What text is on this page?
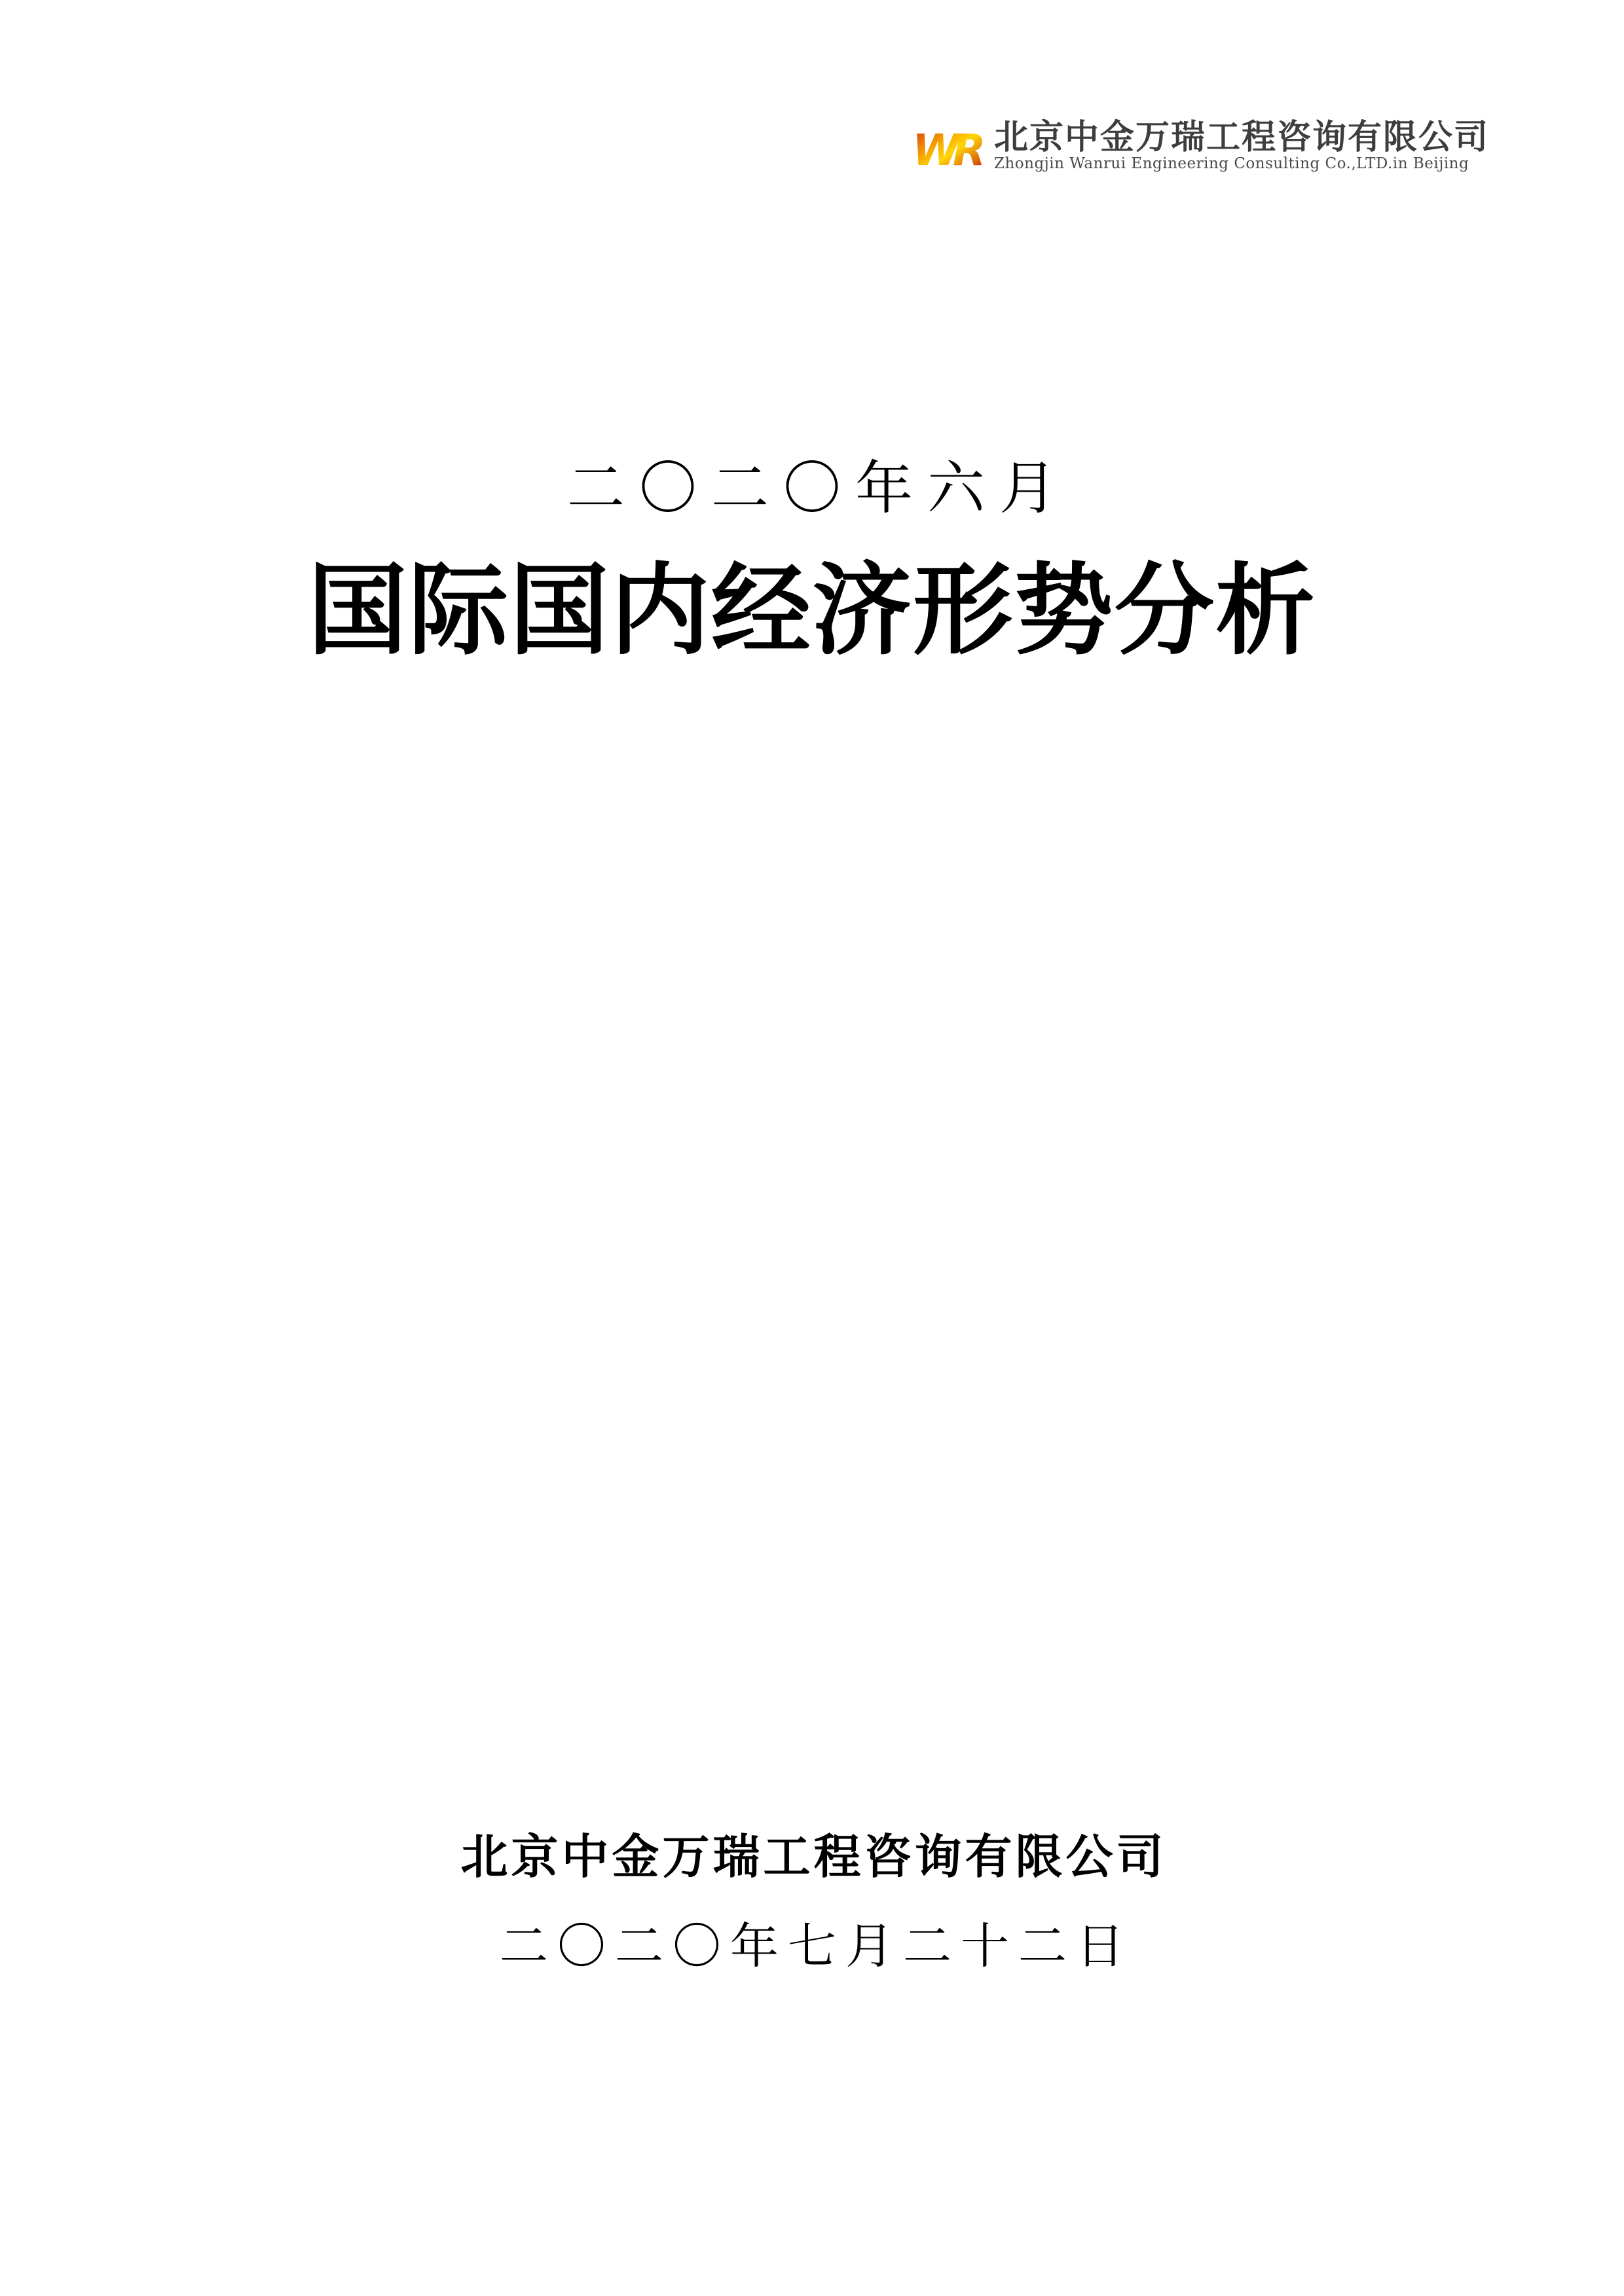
WR 北京中金万瑞工程咨询有限公司
Zhongjin Wanrui Engineering Consulting Co.,LTD.in Beijing
二〇二〇年六月
国际国内经济形势分析
北京中金万瑞工程咨询有限公司
二〇二〇年七月二十二日
